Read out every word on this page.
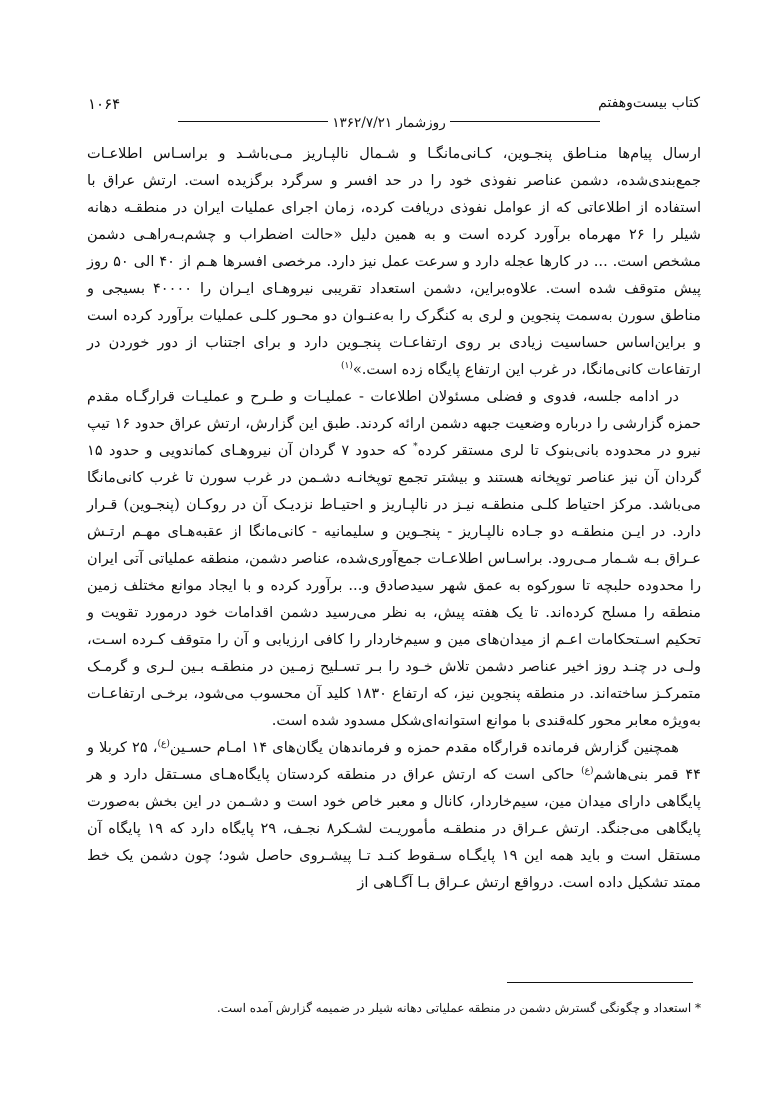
۱۰۶۴
روزشمار ۱۳۶۲/۷/۲۱
کتاب بیست‌وهفتم

ارسال پیام‌ها منـاطق پنجـوین، کـانی‌مانگـا و شـمال نالپـاریز مـی‌باشـد و براسـاس اطلاعـات جمع‌بندی‌شده، دشمن عناصر نفوذی خود را در حد افسر و سرگرد برگزیده است. ارتش عراق با استفاده از اطلاعاتی که از عوامل نفوذی دریافت کرده، زمان اجرای عملیات ایران در منطقـه دهانه شیلر را ۲۶ مهرماه برآورد کرده است و به همین دلیل «حالت اضطراب و چشم‌بـه‌راهـی دشمن مشخص است. ... در کارها عجله دارد و سرعت عمل نیز دارد. مرخصی افسرها هـم از ۴۰ الی ۵۰ روز پیش متوقف شده است. علاوه‌براین، دشمن استعداد تقریبی نیروهـای ایـران را ۴۰۰۰۰ بسیجی و مناطق سورن به‌سمت پنجوین و لری به کنگرک را به‌عنـوان دو محـور کلـی عملیات برآورد کرده است و براین‌اساس حساسیت زیادی بر روی ارتفاعـات پنجـوین دارد و برای اجتناب از دور خوردن در ارتفاعات کانی‌مانگا، در غرب این ارتفاع پایگاه زده است.»$^{(۱)}$

در ادامه جلسه، فدوی و فضلی مسئولان اطلاعات - عملیـات و طـرح و عملیـات قرارگـاه مقدم حمزه گزارشی را درباره وضعیت جبهه دشمن ارائه کردند. طبق این گزارش، ارتش عراق حدود ۱۶ تیپ نیرو در محدوده بانی‌بنوک تا لری مستقر کرده* که حدود ۷ گردان آن نیروهـای کماندویی و حدود ۱۵ گردان آن نیز عناصر توپخانه هستند و بیشتر تجمع توپخانـه دشـمن در غرب سورن تا غرب کانی‌مانگا می‌باشد. مرکز احتیاط کلـی منطقـه نیـز در نالپـاریز و احتیـاط نزدیـک آن در روکـان (پنجـوین) قـرار دارد. در ایـن منطقـه دو جـاده نالپـاریز - پنجـوین و سلیمانیه - کانی‌مانگا از عقبه‌هـای مهـم ارتـش عـراق بـه شـمار مـی‌رود. براسـاس اطلاعـات جمع‌آوری‌شده، عناصر دشمن، منطقه عملیاتی آتی ایران را محدوده حلبچه تا سورکوه به عمق شهر سیدصادق و... برآورد کرده و با ایجاد موانع مختلف زمین منطقه را مسلح کرده‌اند. تا یک هفته پیش، به نظر می‌رسید دشمن اقدامات خود درمورد تقویت و تحکیم اسـتحکامات اعـم از میدان‌های مین و سیم‌خاردار را کافی ارزیابی و آن را متوقف کـرده اسـت، ولـی در چنـد روز اخیر عناصر دشمن تلاش خـود را بـر تسـلیح زمـین در منطقـه بـین لـری و گرمـک متمرکـز ساخته‌اند. در منطقه پنجوین نیز، که ارتفاع ۱۸۳۰ کلید آن محسوب می‌شود، برخـی ارتفاعـات به‌ویژه معابر محور کله‌قندی با موانع استوانه‌ای‌شکل مسدود شده است.

همچنین گزارش فرمانده قرارگاه مقدم حمزه و فرماندهان یگان‌های ۱۴ امـام حسـین$^{(ع)}$، ۲۵ کربلا و ۴۴ قمر بنی‌هاشم$^{(ع)}$ حاکی است که ارتش عراق در منطقه کردستان پایگاه‌هـای مسـتقل دارد و هر پایگاهی دارای میدان مین، سیم‌خاردار، کانال و معبر خاص خود است و دشـمن در این بخش به‌صورت پایگاهی می‌جنگد. ارتش عـراق در منطقـه مأموریـت لشـکر۸ نجـف، ۲۹ پایگاه دارد که ۱۹ پایگاه آن مستقل است و باید همه این ۱۹ پایگـاه سـقوط کنـد تـا پیشـروی حاصل شود؛ چون دشمن یک خط ممتد تشکیل داده است. درواقع ارتش عـراق بـا آگـاهی از

* استعداد و چگونگی گسترش دشمن در منطقه عملیاتی دهانه شیلر در ضمیمه گزارش آمده است.
